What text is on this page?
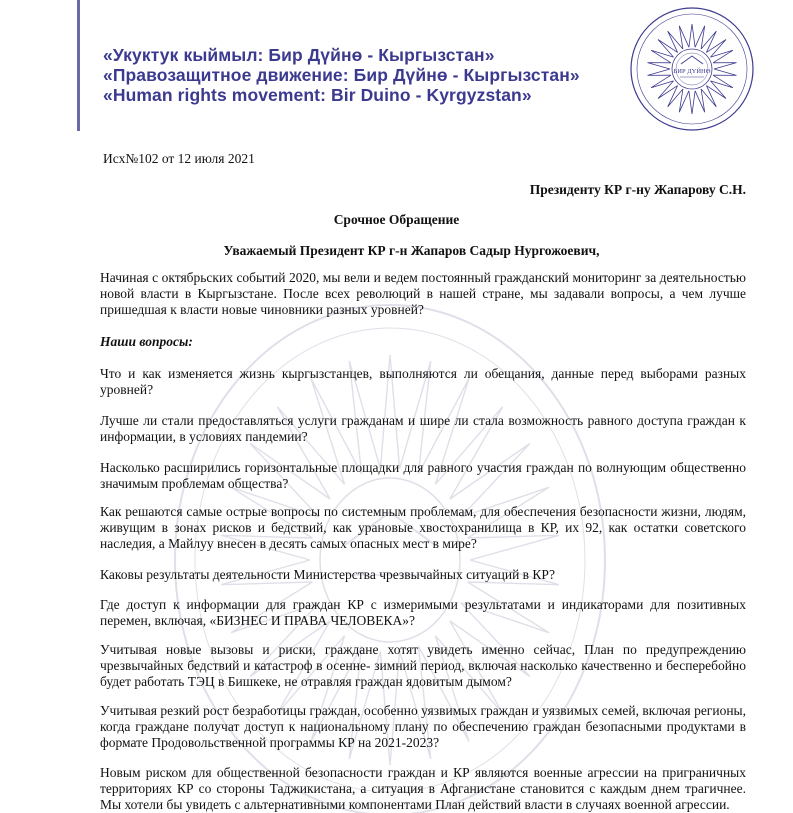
«Укуктук кыймыл: Бир Дүйнө - Кыргызстан»
«Правозащитное движение: Бир Дүйнө - Кыргызстан»
«Human rights movement: Bir Duino - Kyrgyzstan»
БИР ДҮЙНӨ
Исх№102 от 12 июля 2021
Президенту КР г-ну Жапарову С.Н.
Срочное Обращение
Уважаемый Президент КР г-н Жапаров Садыр Нургожоевич,
Начиная с октябрьских событий 2020, мы вели и ведем постоянный гражданский мониторинг за деятельностью новой власти в Кыргызстане. После всех революций в нашей стране, мы задавали вопросы, а чем лучше пришедшая к власти новые чиновники разных уровней?
Наши вопросы:
Что и как изменяется жизнь кыргызстанцев, выполняются ли обещания, данные перед выборами разных уровней?
Лучше ли стали предоставляться услуги гражданам и шире ли стала возможность равного доступа граждан к информации, в условиях пандемии?
Насколько расширились горизонтальные площадки для равного участия граждан по волнующим общественно значимым проблемам общества?
Как решаются самые острые вопросы по системным проблемам, для обеспечения безопасности жизни, людям, живущим в зонах рисков и бедствий, как урановые хвостохранилища в КР, их 92, как остатки советского наследия, а Майлуу внесен в десять самых опасных мест в мире?
Каковы результаты деятельности Министерства чрезвычайных ситуаций в КР?
Где доступ к информации для граждан КР с измеримыми результатами и индикаторами для позитивных перемен, включая, «БИЗНЕС И ПРАВА ЧЕЛОВЕКА»?
Учитывая новые вызовы и риски, граждане хотят увидеть именно сейчас, План по предупреждению чрезвычайных бедствий и катастроф в осенне- зимний период, включая насколько качественно и бесперебойно будет работать ТЭЦ в Бишкеке, не отравляя граждан ядовитым дымом?
Учитывая резкий рост безработицы граждан, особенно уязвимых граждан и уязвимых семей, включая регионы, когда граждане получат доступ к национальному плану по обеспечению граждан безопасными продуктами в формате Продовольственной программы КР на 2021-2023?
Новым риском для общественной безопасности граждан и КР являются военные агрессии на приграничных территориях КР со стороны Таджикистана, а ситуация в Афганистане становится с каждым днем трагичнее. Мы хотели бы увидеть с альтернативными компонентами План действий власти в случаях военной агрессии.
